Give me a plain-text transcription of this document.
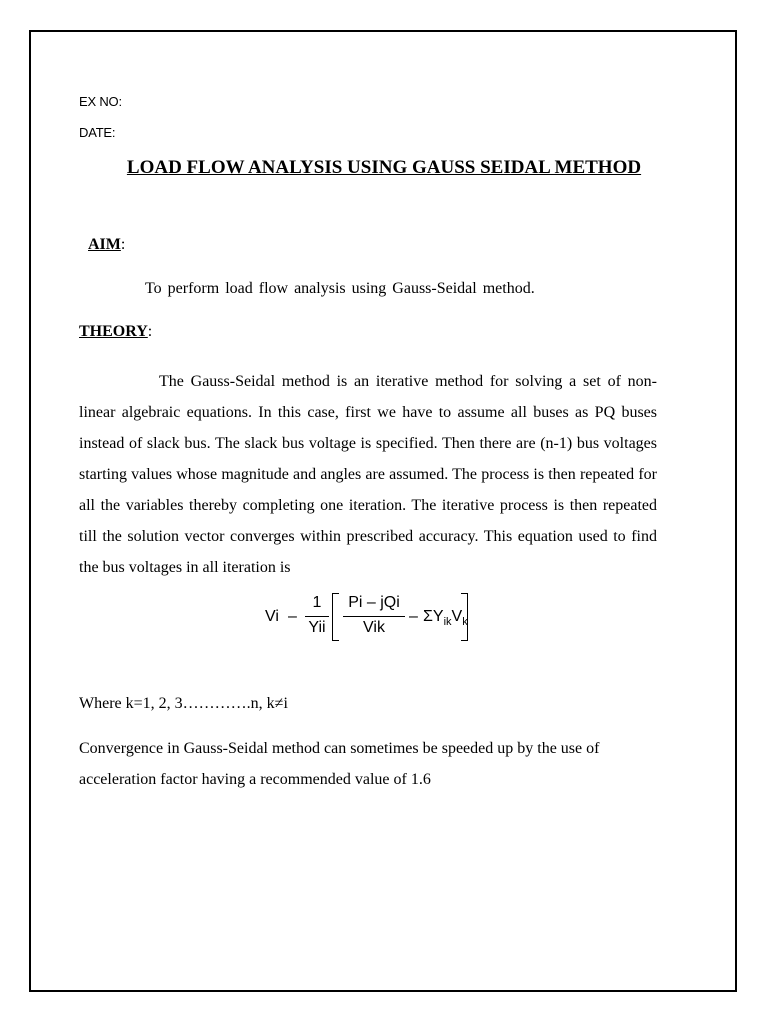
EX NO:
DATE:
LOAD FLOW ANALYSIS USING GAUSS SEIDAL METHOD
AIM:
To perform load flow analysis using Gauss-Seidal method.
THEORY:
The Gauss-Seidal method is an iterative method for solving a set of non-linear algebraic equations. In this case, first we have to assume all buses as PQ buses instead of slack bus. The slack bus voltage is specified. Then there are (n-1) bus voltages starting values whose magnitude and angles are assumed. The process is then repeated for all the variables thereby completing one iteration. The iterative process is then repeated till the solution vector converges within prescribed accuracy. This equation used to find the bus voltages in all iteration is
Vi –
1
Yii
Pi – jQi
Vik
– $\Sigma Y_{ik}V_k$
Where k=1, 2, 3………….n, k≠i
Convergence in Gauss-Seidal method can sometimes be speeded up by the use of acceleration factor having a recommended value of 1.6
